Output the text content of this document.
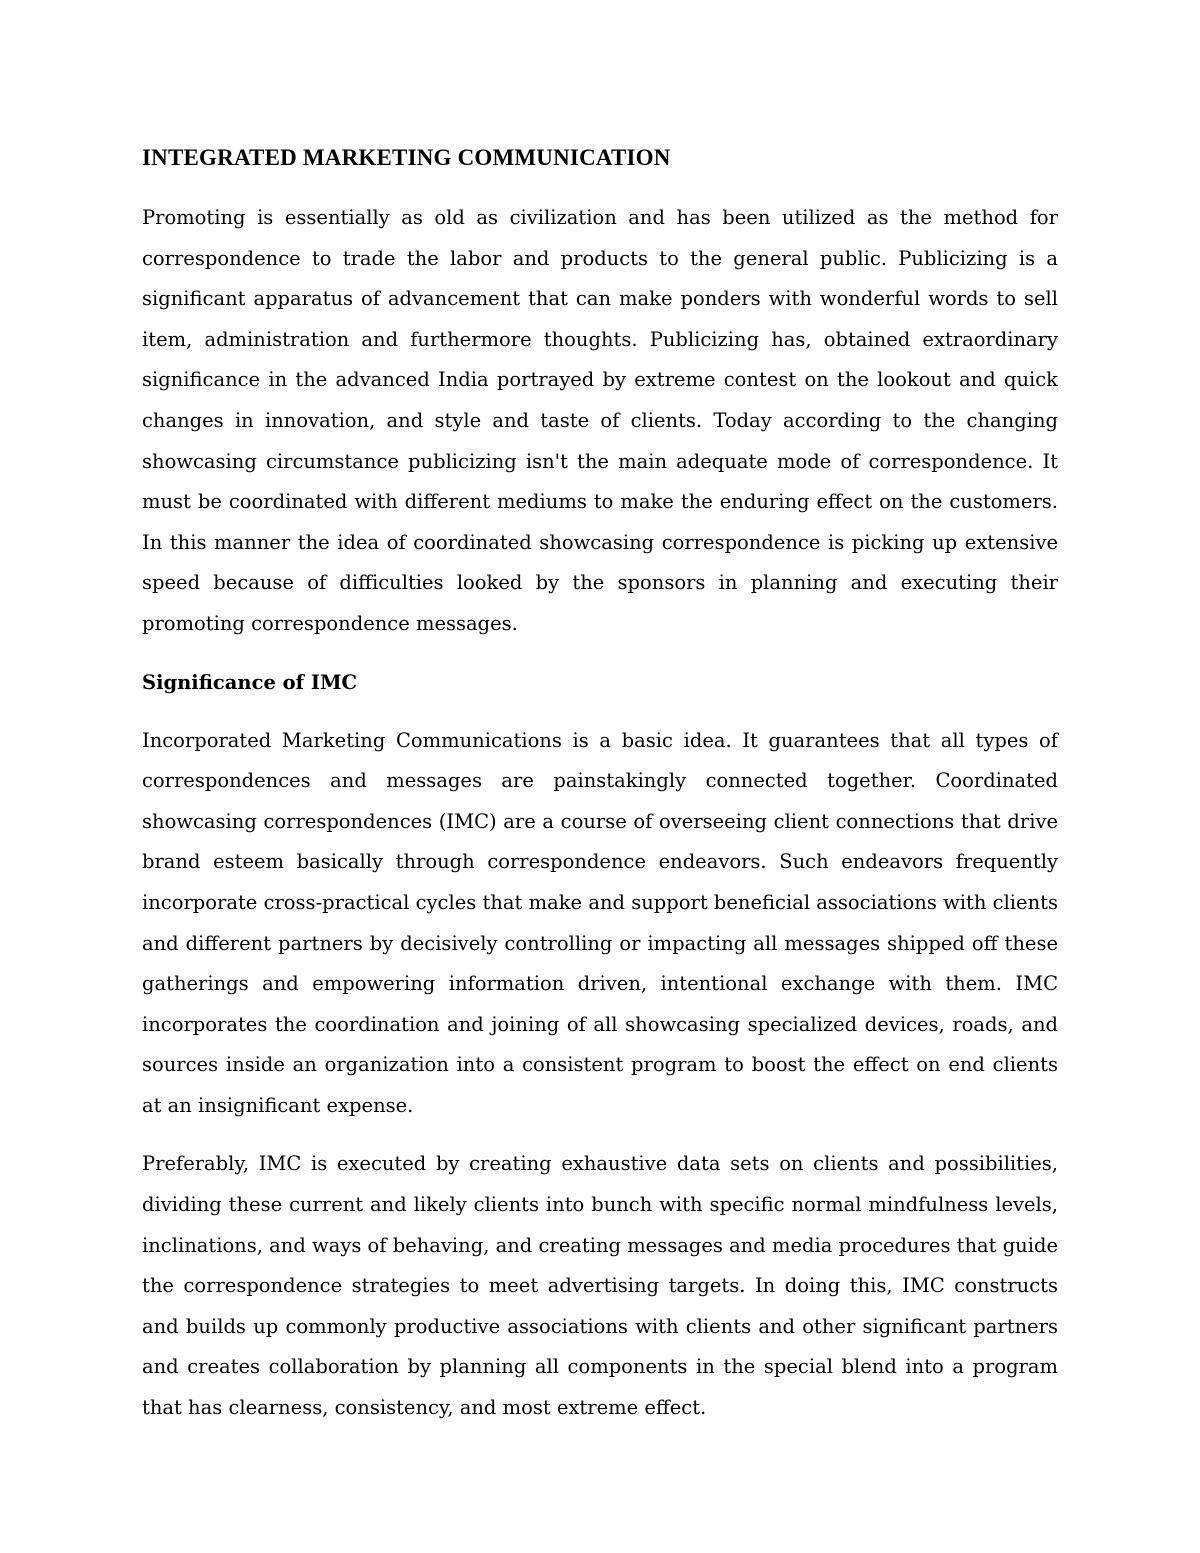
INTEGRATED MARKETING COMMUNICATION

Promoting is essentially as old as civilization and has been utilized as the method for correspondence to trade the labor and products to the general public. Publicizing is a significant apparatus of advancement that can make ponders with wonderful words to sell item, administration and furthermore thoughts. Publicizing has, obtained extraordinary significance in the advanced India portrayed by extreme contest on the lookout and quick changes in innovation, and style and taste of clients. Today according to the changing showcasing circumstance publicizing isn't the main adequate mode of correspondence. It must be coordinated with different mediums to make the enduring effect on the customers. In this manner the idea of coordinated showcasing correspondence is picking up extensive speed because of difficulties looked by the sponsors in planning and executing their promoting correspondence messages.

Significance of IMC

Incorporated Marketing Communications is a basic idea. It guarantees that all types of correspondences and messages are painstakingly connected together. Coordinated showcasing correspondences (IMC) are a course of overseeing client connections that drive brand esteem basically through correspondence endeavors. Such endeavors frequently incorporate cross-practical cycles that make and support beneficial associations with clients and different partners by decisively controlling or impacting all messages shipped off these gatherings and empowering information driven, intentional exchange with them. IMC incorporates the coordination and joining of all showcasing specialized devices, roads, and sources inside an organization into a consistent program to boost the effect on end clients at an insignificant expense.

Preferably, IMC is executed by creating exhaustive data sets on clients and possibilities, dividing these current and likely clients into bunch with specific normal mindfulness levels, inclinations, and ways of behaving, and creating messages and media procedures that guide the correspondence strategies to meet advertising targets. In doing this, IMC constructs and builds up commonly productive associations with clients and other significant partners and creates collaboration by planning all components in the special blend into a program that has clearness, consistency, and most extreme effect.
